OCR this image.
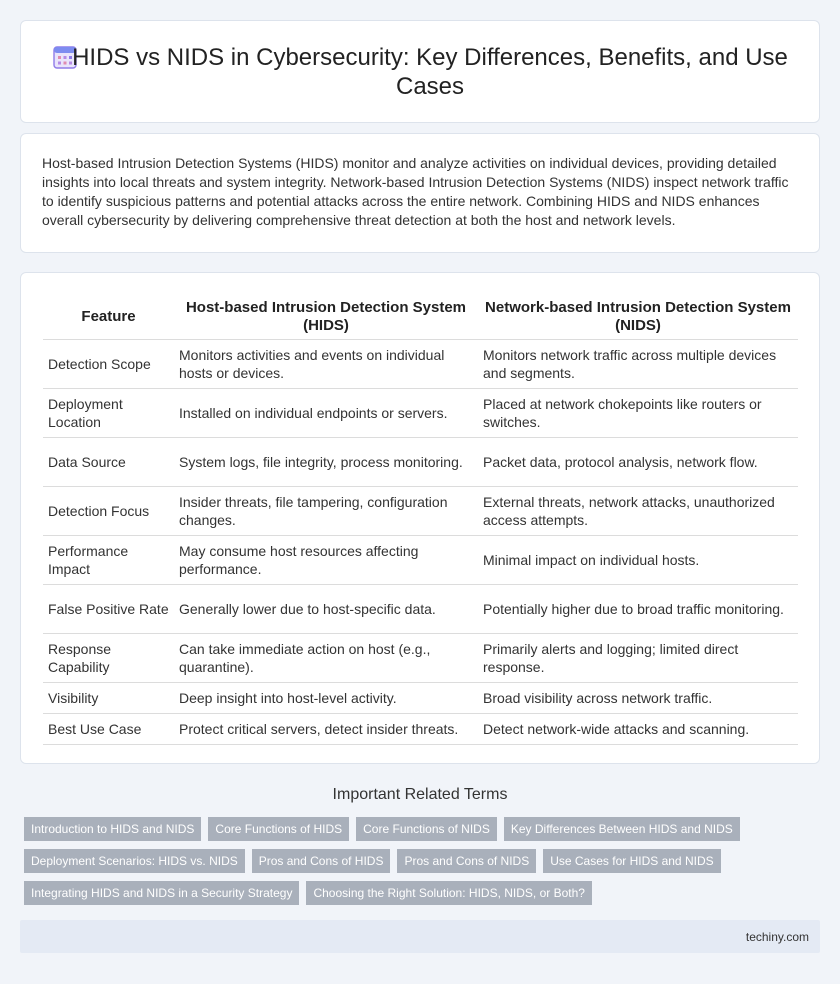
HIDS vs NIDS in Cybersecurity: Key Differences, Benefits, and Use Cases

Host-based Intrusion Detection Systems (HIDS) monitor and analyze activities on individual devices, providing detailed insights into local threats and system integrity. Network-based Intrusion Detection Systems (NIDS) inspect network traffic to identify suspicious patterns and potential attacks across the entire network. Combining HIDS and NIDS enhances overall cybersecurity by delivering comprehensive threat detection at both the host and network levels.

Feature	Host-based Intrusion Detection System (HIDS)	Network-based Intrusion Detection System (NIDS)
Detection Scope	Monitors activities and events on individual hosts or devices.	Monitors network traffic across multiple devices and segments.
Deployment Location	Installed on individual endpoints or servers.	Placed at network chokepoints like routers or switches.
Data Source	System logs, file integrity, process monitoring.	Packet data, protocol analysis, network flow.
Detection Focus	Insider threats, file tampering, configuration changes.	External threats, network attacks, unauthorized access attempts.
Performance Impact	May consume host resources affecting performance.	Minimal impact on individual hosts.
False Positive Rate	Generally lower due to host-specific data.	Potentially higher due to broad traffic monitoring.
Response Capability	Can take immediate action on host (e.g., quarantine).	Primarily alerts and logging; limited direct response.
Visibility	Deep insight into host-level activity.	Broad visibility across network traffic.
Best Use Case	Protect critical servers, detect insider threats.	Detect network-wide attacks and scanning.
Important Related Terms
Introduction to HIDS and NIDS	Core Functions of HIDS	Core Functions of NIDS	Key Differences Between HIDS and NIDS
Deployment Scenarios: HIDS vs. NIDS	Pros and Cons of HIDS	Pros and Cons of NIDS	Use Cases for HIDS and NIDS
Integrating HIDS and NIDS in a Security Strategy	Choosing the Right Solution: HIDS, NIDS, or Both?
techiny.com
